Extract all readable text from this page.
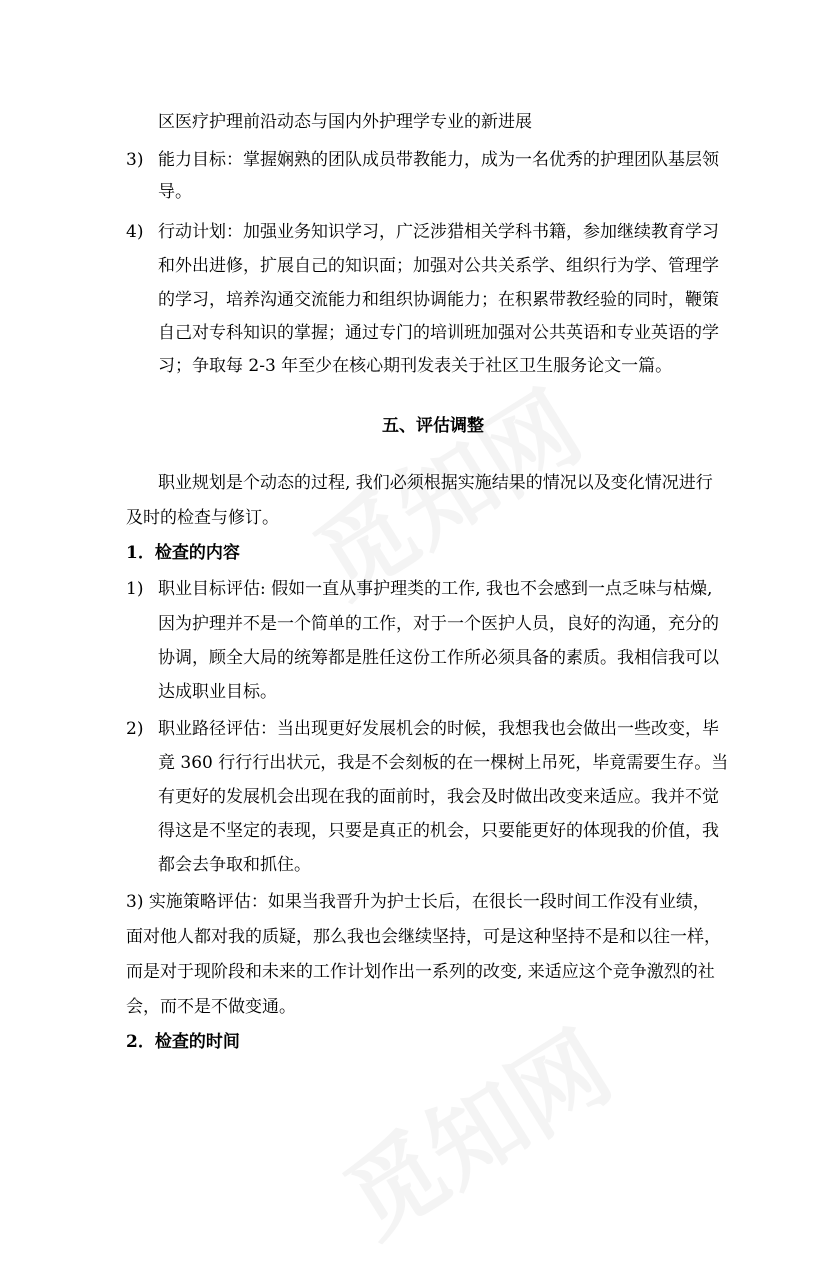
区医疗护理前沿动态与国内外护理学专业的新进展
3) 能力目标：掌握娴熟的团队成员带教能力，成为一名优秀的护理团队基层领
导。
4) 行动计划：加强业务知识学习，广泛涉猎相关学科书籍，参加继续教育学习
和外出进修，扩展自己的知识面；加强对公共关系学、组织行为学、管理学
的学习，培养沟通交流能力和组织协调能力；在积累带教经验的同时，鞭策
自己对专科知识的掌握；通过专门的培训班加强对公共英语和专业英语的学
习；争取每 2-3 年至少在核心期刊发表关于社区卫生服务论文一篇。
五、评估调整
职业规划是个动态的过程, 我们必须根据实施结果的情况以及变化情况进行
及时的检查与修订。
1．检查的内容
1) 职业目标评估: 假如一直从事护理类的工作, 我也不会感到一点乏味与枯燥,
因为护理并不是一个简单的工作，对于一个医护人员，良好的沟通，充分的
协调，顾全大局的统筹都是胜任这份工作所必须具备的素质。我相信我可以
达成职业目标。
2) 职业路径评估：当出现更好发展机会的时候，我想我也会做出一些改变，毕
竟 360 行行行出状元，我是不会刻板的在一棵树上吊死，毕竟需要生存。当
有更好的发展机会出现在我的面前时，我会及时做出改变来适应。我并不觉
得这是不坚定的表现，只要是真正的机会，只要能更好的体现我的价值，我
都会去争取和抓住。
3) 实施策略评估：如果当我晋升为护士长后，在很长一段时间工作没有业绩，
面对他人都对我的质疑，那么我也会继续坚持，可是这种坚持不是和以往一样，
而是对于现阶段和未来的工作计划作出一系列的改变, 来适应这个竞争激烈的社
会，而不是不做变通。
2．检查的时间
